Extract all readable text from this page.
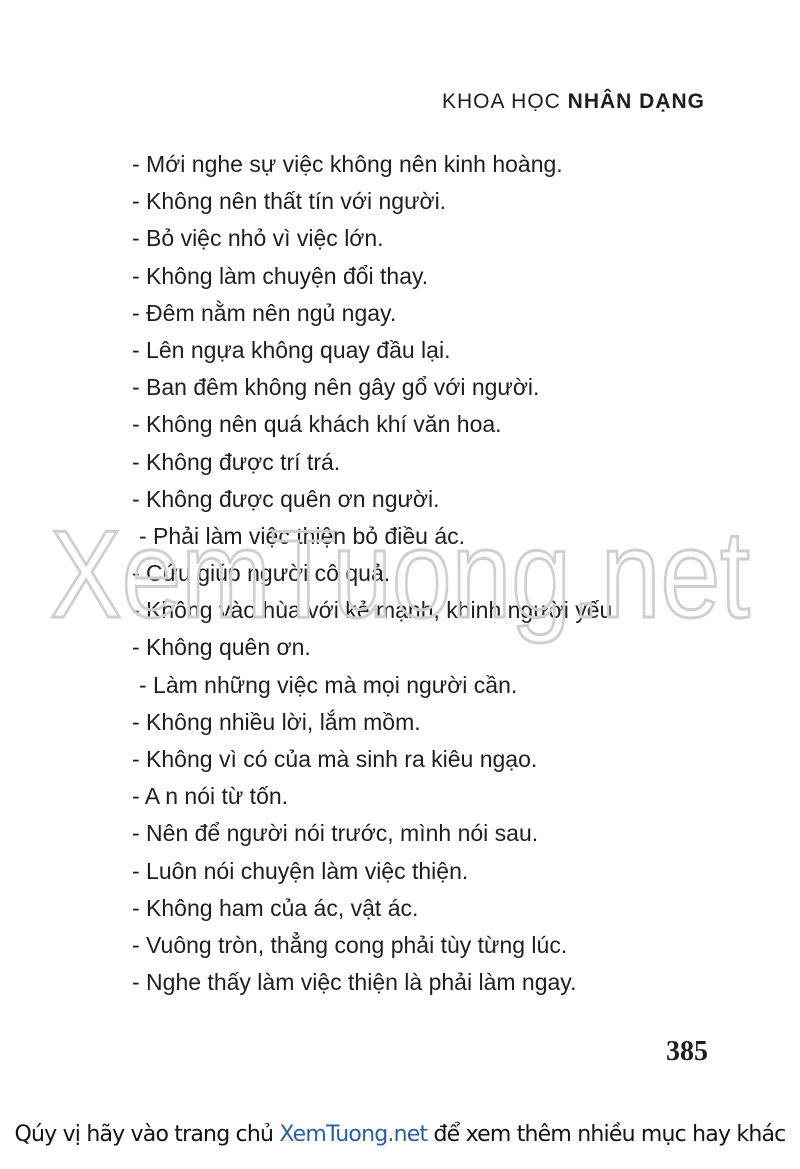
KHOA HỌC NHÂN DẠNG
- Mới nghe sự việc không nên kinh hoàng.
- Không nên thất tín với người.
- Bỏ việc nhỏ vì việc lớn.
- Không làm chuyện đổi thay.
- Đêm nằm nên ngủ ngay.
- Lên ngựa không quay đầu lại.
- Ban đêm không nên gây gổ với người.
- Không nên quá khách khí văn hoa.
- Không được trí trá.
- Không được quên ơn người.
- Phải làm việc thiện bỏ điều ác.
- Cứu giúp người cô quả.
- Không vào hùa với kẻ mạnh, khinh người yếu.
- Không quên ơn.
- Làm những việc mà mọi người cần.
- Không nhiều lời, lắm mồm.
- Không vì có của mà sinh ra kiêu ngạo.
- A n nói từ tốn.
- Nên để người nói trước, mình nói sau.
- Luôn nói chuyện làm việc thiện.
- Không ham của ác, vật ác.
- Vuông tròn, thẳng cong phải tùy từng lúc.
- Nghe thấy làm việc thiện là phải làm ngay.
XemTuong.net
385
Qúy vị hãy vào trang chủ XemTuong.net để xem thêm nhiều mục hay khác
